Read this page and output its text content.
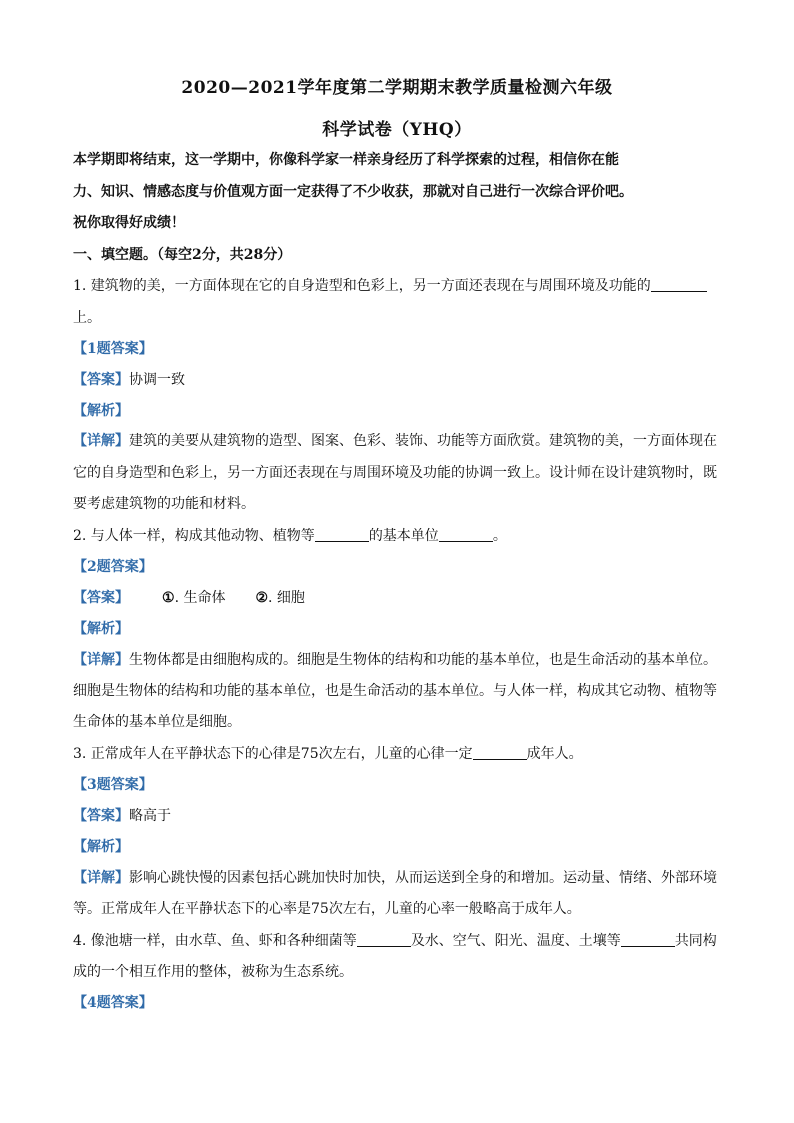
2020—2021学年度第二学期期末教学质量检测六年级
科学试卷（YHQ）
本学期即将结束，这一学期中，你像科学家一样亲身经历了科学探索的过程，相信你在能
力、知识、情感态度与价值观方面一定获得了不少收获，那就对自己进行一次综合评价吧。
祝你取得好成绩！
一、填空题。（每空2分，共28分）
1. 建筑物的美，一方面体现在它的自身造型和色彩上，另一方面还表现在与周围环境及功能的
上。
【1题答案】
【答案】协调一致
【解析】
【详解】建筑的美要从建筑物的造型、图案、色彩、装饰、功能等方面欣赏。建筑物的美，一方面体现在
它的自身造型和色彩上，另一方面还表现在与周围环境及功能的协调一致上。设计师在设计建筑物时，既
要考虑建筑物的功能和材料。
2. 与人体一样，构成其他动物、植物等	的基本单位	。
【2题答案】
【答案】 ①. 生命体 ②. 细胞
【解析】
【详解】生物体都是由细胞构成的。细胞是生物体的结构和功能的基本单位，也是生命活动的基本单位。
细胞是生物体的结构和功能的基本单位，也是生命活动的基本单位。与人体一样，构成其它动物、植物等
生命体的基本单位是细胞。
3. 正常成年人在平静状态下的心律是75次左右，儿童的心律一定	成年人。
【3题答案】
【答案】略高于
【解析】
【详解】影响心跳快慢的因素包括心跳加快时加快，从而运送到全身的和增加。运动量、情绪、外部环境
等。正常成年人在平静状态下的心率是75次左右，儿童的心率一般略高于成年人。
4. 像池塘一样，由水草、鱼、虾和各种细菌等	及水、空气、阳光、温度、土壤等	共同构
成的一个相互作用的整体，被称为生态系统。
【4题答案】
